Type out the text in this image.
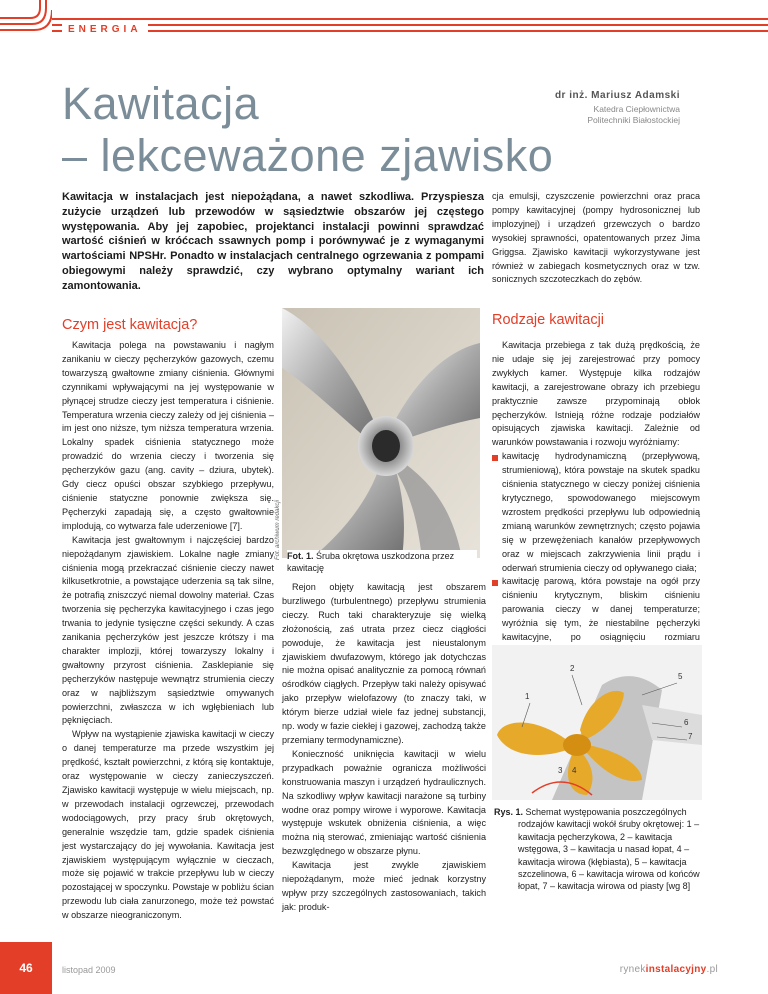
ENERGIA
Kawitacja
– lekceważone zjawisko
dr inż. Mariusz Adamski
Katedra Ciepłownictwa
Politechniki Białostockiej

Kawitacja w instalacjach jest niepożądana, a nawet szkodliwa. Przyspiesza zużycie urządzeń lub przewodów w sąsiedztwie obszarów jej częstego występowania. Aby jej zapobiec, projektanci instalacji powinni sprawdzać wartość ciśnień w króćcach ssawnych pomp i porównywać je z wymaganymi wartościami NPSHr. Ponadto w instalacjach centralnego ogrzewania z pompami obiegowymi należy sprawdzić, czy wybrano optymalny wariant ich zamontowania.

cja emulsji, czyszczenie powierzchni oraz praca pompy kawitacyjnej (pompy hydrosonicznej lub implozyjnej) i urządzeń grzewczych o bardzo wysokiej sprawności, opatentowanych przez Jima Griggsa. Zjawisko kawitacji wykorzystywane jest również w zabiegach kosmetycznych oraz w tzw. sonicznych szczoteczkach do zębów.

Czym jest kawitacja?	Rodzaje kawitacji

Kawitacja polega na powstawaniu i nagłym zanikaniu w cieczy pęcherzyków gazowych, czemu towarzyszą gwałtowne zmiany ciśnienia. Głównymi czynnikami wpływającymi na jej występowanie w płynącej strudze cieczy jest temperatura i ciśnienie. Temperatura wrzenia cieczy zależy od jej ciśnienia – im jest ono niższe, tym niższa temperatura wrzenia. Lokalny spadek ciśnienia statycznego może prowadzić do wrzenia cieczy i tworzenia się pęcherzyków gazu (ang. cavity – dziura, ubytek). Gdy ciecz opuści obszar szybkiego przepływu, ciśnienie statyczne ponownie zwiększa się. Pęcherzyki zapadają się, a często gwałtownie implodują, co wytwarza fale uderzeniowe [7].

Kawitacja jest gwałtownym i najczęściej bardzo niepożądanym zjawiskiem. Lokalne nagłe zmiany ciśnienia mogą przekraczać ciśnienie cieczy nawet kilkusetkrotnie, a powstające uderzenia są tak silne, że potrafią zniszczyć niemal dowolny materiał. Czas tworzenia się pęcherzyka kawitacyjnego i czas jego trwania to jedynie tysięczne części sekundy. A czas zanikania pęcherzyków jest jeszcze krótszy i ma charakter implozji, której towarzyszy lokalny i gwałtowny przyrost ciśnienia. Zasklepianie się pęcherzyków następuje wewnątrz strumienia cieczy oraz w najbliższym sąsiedztwie omywanych powierzchni, zwłaszcza w ich wgłębieniach lub pęknięciach.

Wpływ na wystąpienie zjawiska kawitacji w cieczy o danej temperaturze ma przede wszystkim jej prędkość, kształt powierzchni, z którą się kontaktuje, oraz występowanie w cieczy zanieczyszczeń. Zjawisko kawitacji występuje w wielu miejscach, np. w przewodach instalacji ogrzewczej, przewodach wodociągowych, przy pracy śrub okrętowych, generalnie wszędzie tam, gdzie spadek ciśnienia jest wystarczający do jej wywołania. Kawitacja jest zjawiskiem występującym wyłącznie w cieczach, może się pojawić w trakcie przepływu lub w cieczy pozostającej w spoczynku. Powstaje w pobliżu ścian przewodu lub ciała zanurzonego, może też powstać w obszarze nieograniczonym.

Fot. archiwum redakcji Fot. 1. Śruba okrętowa uszkodzona przez kawitację

Rejon objęty kawitacją jest obszarem burzliwego (turbulentnego) przepływu strumienia cieczy. Ruch taki charakteryzuje się wielką złożonością, zaś utrata przez ciecz ciągłości powoduje, że kawitacja jest nieustalonym zjawiskiem dwufazowym, którego jak dotychczas nie można opisać analitycznie za pomocą równań ośrodków ciągłych. Przepływ taki należy opisywać jako przepływ wielofazowy (to znaczy taki, w którym bierze udział wiele faz jednej substancji, np. wody w fazie ciekłej i gazowej, zachodzą także przemiany termodynamiczne).

Konieczność uniknięcia kawitacji w wielu przypadkach poważnie ogranicza możliwości konstruowania maszyn i urządzeń hydraulicznych. Na szkodliwy wpływ kawitacji narażone są turbiny wodne oraz pompy wirowe i wyporowe. Kawitacja występuje wskutek obniżenia ciśnienia, a więc można nią sterować, zmieniając wartość ciśnienia bezwzględnego w obszarze płynu.

Kawitacja jest zwykle zjawiskiem niepożądanym, może mieć jednak korzystny wpływ przy szczególnych zastosowaniach, takich jak: produk-

Kawitacja przebiega z tak dużą prędkością, że nie udaje się jej zarejestrować przy pomocy zwykłych kamer. Występuje kilka rodzajów kawitacji, a zarejestrowane obrazy ich przebiegu praktycznie zawsze przypominają obłok pęcherzyków. Istnieją różne rodzaje podziałów opisujących zjawiska kawitacji. Zależnie od warunków powstawania i rozwoju wyróżniamy:

kawitację hydrodynamiczną (przepływową, strumieniową), która powstaje na skutek spadku ciśnienia statycznego w cieczy poniżej ciśnienia krytycznego, spowodowanego miejscowym wzrostem prędkości przepływu lub odpowiednią zmianą warunków zewnętrznych; często pojawia się w przewężeniach kanałów przepływowych oraz w miejscach zakrzywienia linii prądu i oderwań strumienia cieczy od opływanego ciała;
kawitację parową, która powstaje na ogół przy ciśnieniu krytycznym, bliskim ciśnieniu parowania cieczy w danej temperaturze; wyróżnia się tym, że niestabilne pęcherzyki kawitacyjne, po osiągnięciu rozmiaru
1
2
3 4
5
6
7
Rys. 1. Schemat występowania poszczególnych
rodzajów kawitacji wokół śruby okrętowej: 1 – kawitacja pęcherzykowa, 2 – kawitacja wstęgowa, 3 – kawitacja u nasad łopat, 4 – kawitacja wirowa (kłębiasta), 5 – kawitacja szczelinowa, 6 – kawitacja wirowa od końców łopat, 7 – kawitacja wirowa od piasty [wg 8]
46	listopad 2009	rynekinstalacyjny.pl
